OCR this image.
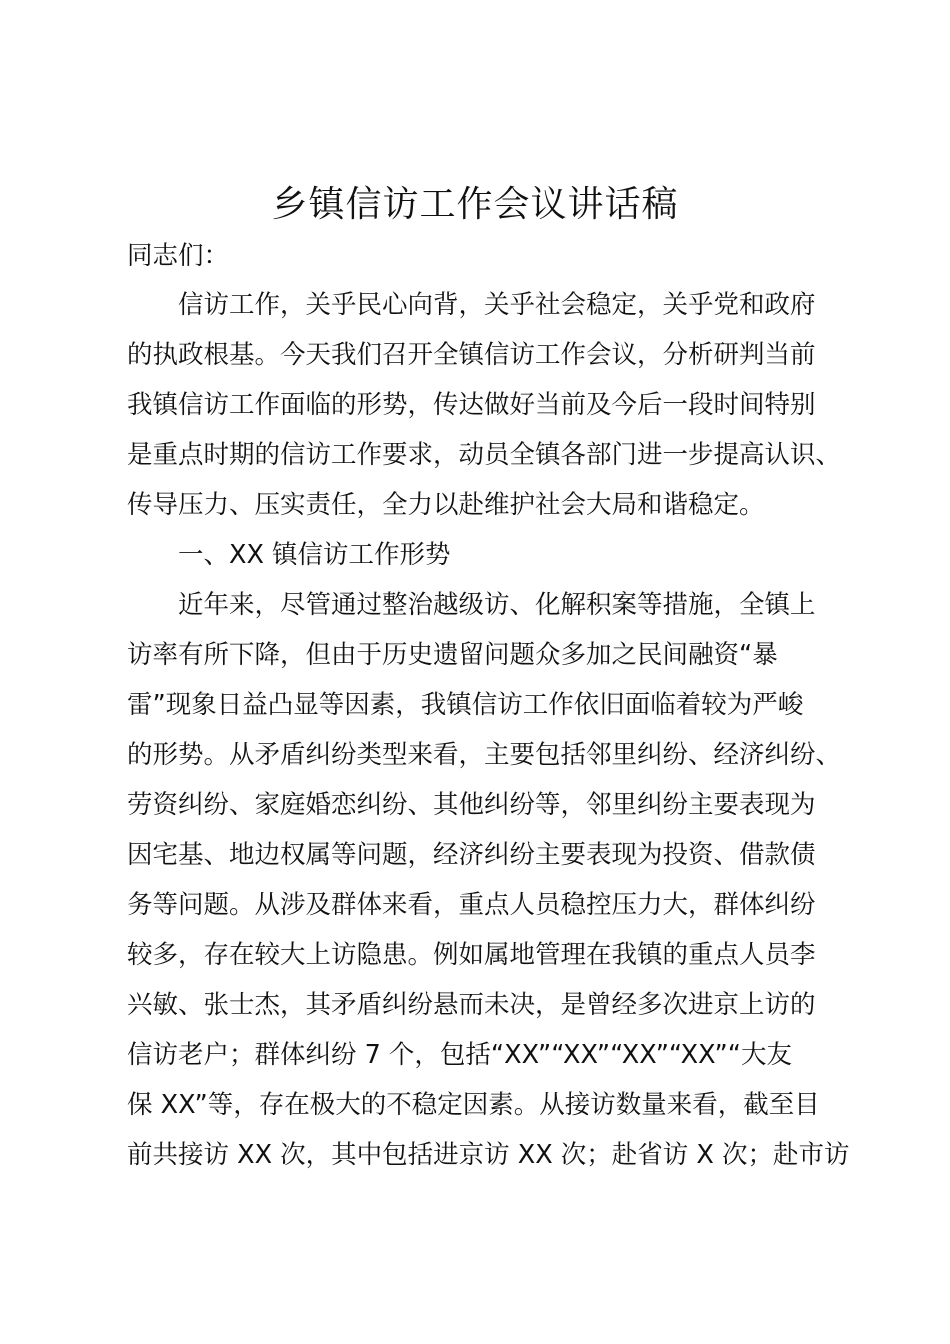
乡镇信访工作会议讲话稿
同志们：
　　信访工作，关乎民心向背，关乎社会稳定，关乎党和政府
的执政根基。今天我们召开全镇信访工作会议，分析研判当前
我镇信访工作面临的形势，传达做好当前及今后一段时间特别
是重点时期的信访工作要求，动员全镇各部门进一步提高认识、
传导压力、压实责任，全力以赴维护社会大局和谐稳定。
　　一、XX 镇信访工作形势
　　近年来，尽管通过整治越级访、化解积案等措施，全镇上
访率有所下降，但由于历史遗留问题众多加之民间融资“暴
雷”现象日益凸显等因素，我镇信访工作依旧面临着较为严峻
的形势。从矛盾纠纷类型来看，主要包括邻里纠纷、经济纠纷、
劳资纠纷、家庭婚恋纠纷、其他纠纷等，邻里纠纷主要表现为
因宅基、地边权属等问题，经济纠纷主要表现为投资、借款债
务等问题。从涉及群体来看，重点人员稳控压力大，群体纠纷
较多，存在较大上访隐患。例如属地管理在我镇的重点人员李
兴敏、张士杰，其矛盾纠纷悬而未决，是曾经多次进京上访的
信访老户；群体纠纷 7 个，包括“XX”“XX”“XX”“XX”“大友
保 XX”等，存在极大的不稳定因素。从接访数量来看，截至目
前共接访 XX 次，其中包括进京访 XX 次；赴省访 X 次；赴市访
